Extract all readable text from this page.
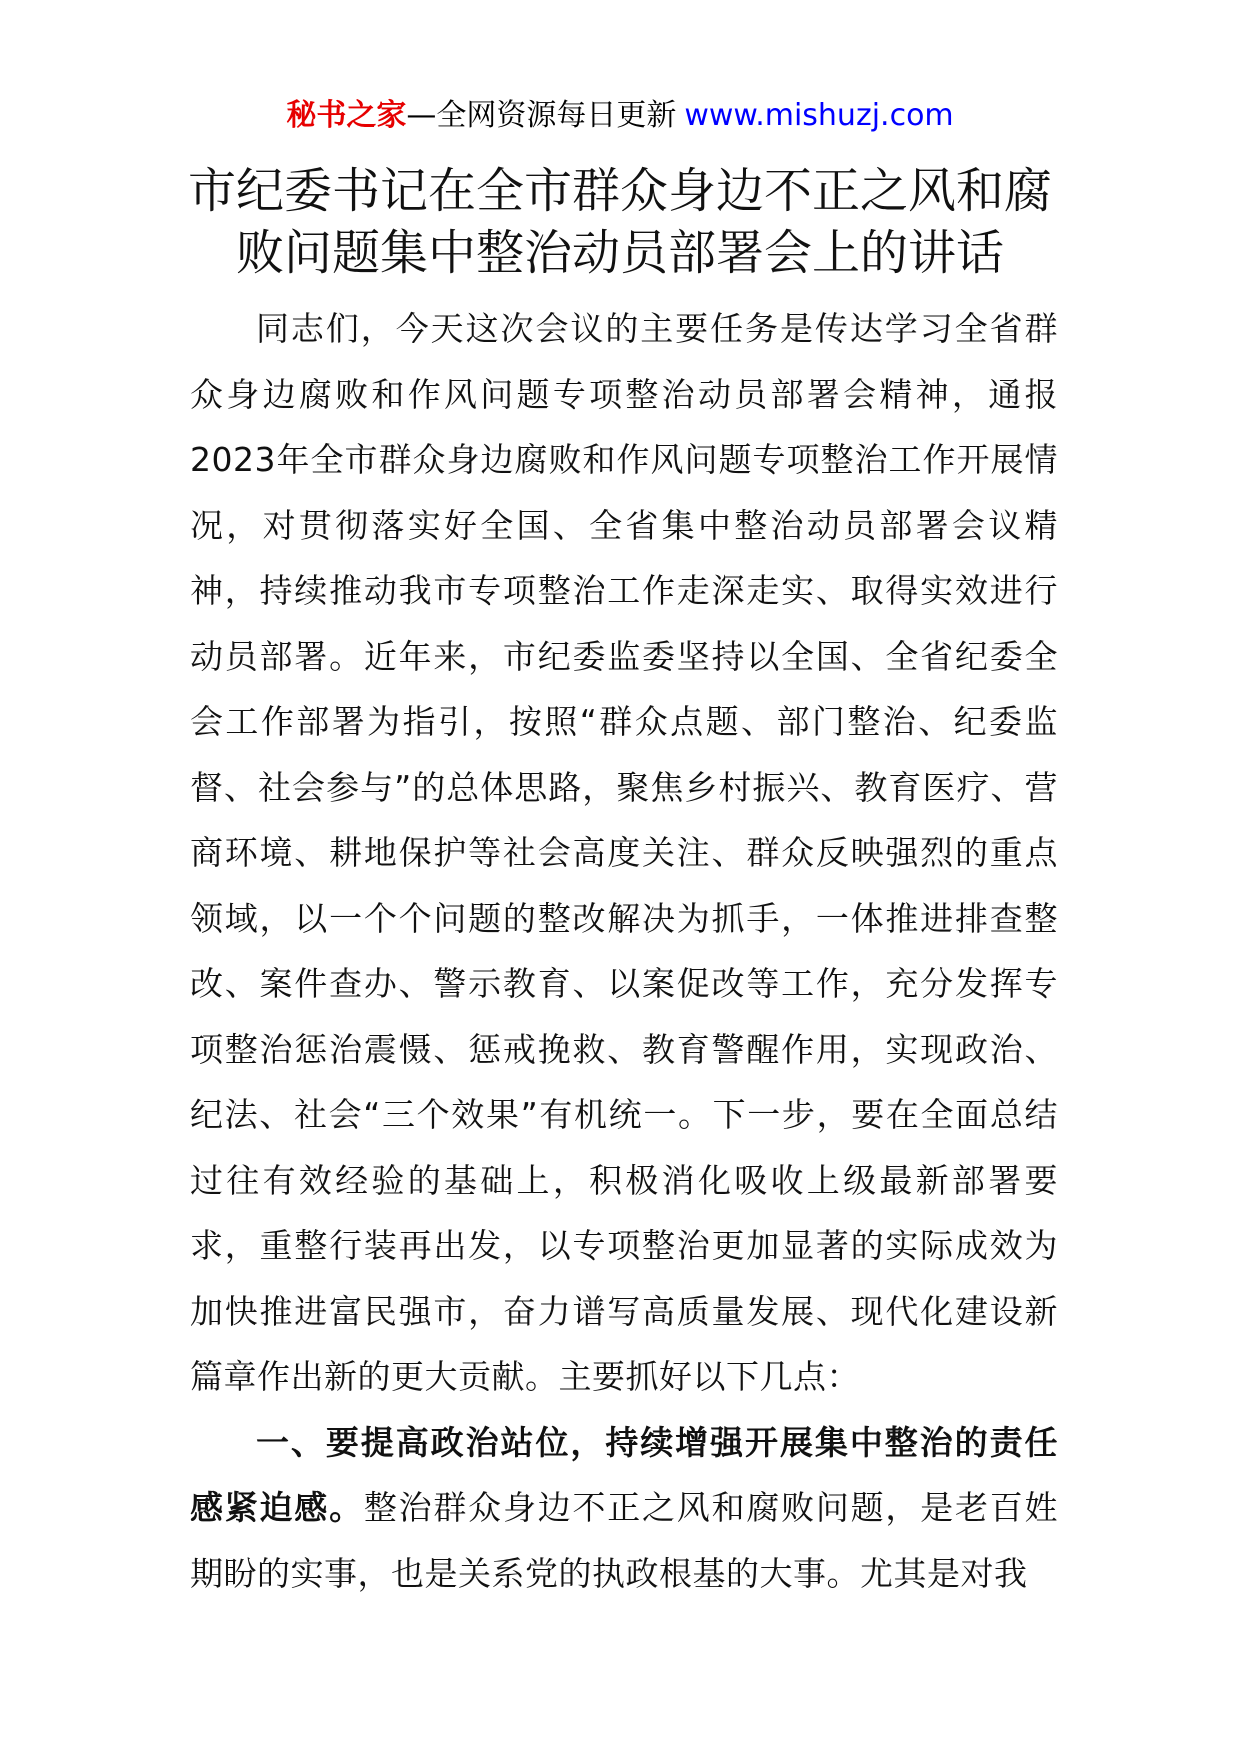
秘书之家—全网资源每日更新 www.mishuzj.com
市纪委书记在全市群众身边不正之风和腐
败问题集中整治动员部署会上的讲话

同志们，今天这次会议的主要任务是传达学习全省群众身边腐败和作风问题专项整治动员部署会精神，通报2023年全市群众身边腐败和作风问题专项整治工作开展情况，对贯彻落实好全国、全省集中整治动员部署会议精神，持续推动我市专项整治工作走深走实、取得实效进行动员部署。近年来，市纪委监委坚持以全国、全省纪委全会工作部署为指引，按照“群众点题、部门整治、纪委监督、社会参与”的总体思路，聚焦乡村振兴、教育医疗、营商环境、耕地保护等社会高度关注、群众反映强烈的重点领域，以一个个问题的整改解决为抓手，一体推进排查整改、案件查办、警示教育、以案促改等工作，充分发挥专项整治惩治震慑、惩戒挽救、教育警醒作用，实现政治、纪法、社会“三个效果”有机统一。下一步，要在全面总结过往有效经验的基础上，积极消化吸收上级最新部署要求，重整行装再出发，以专项整治更加显著的实际成效为加快推进富民强市，奋力谱写高质量发展、现代化建设新篇章作出新的更大贡献。主要抓好以下几点：

一、要提高政治站位，持续增强开展集中整治的责任感紧迫感。整治群众身边不正之风和腐败问题，是老百姓期盼的实事，也是关系党的执政根基的大事。尤其是对我
